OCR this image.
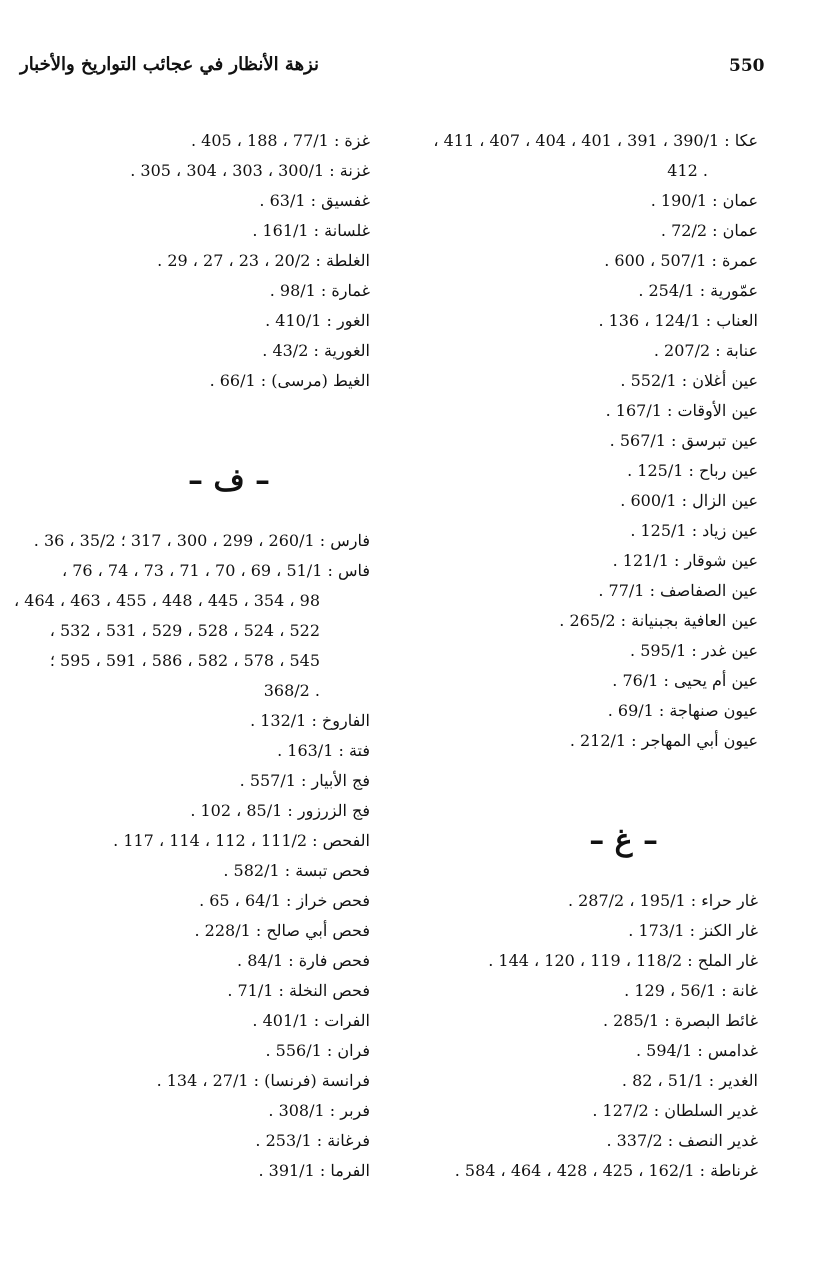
550
نزهة الأنظار في عجائب التواريخ والأخبار
عكا : 390/1 ، 391 ، 401 ، 404 ، 407 ، 411 ،
. 412
عمان : 190/1 .
عمان : 72/2 .
عمرة : 507/1 ، 600 .
عمّورية : 254/1 .
العناب : 124/1 ، 136 .
عنابة : 207/2 .
عين أغلان : 552/1 .
عين الأوقات : 167/1 .
عين تبرسق : 567/1 .
عين رباح : 125/1 .
عين الزال : 600/1 .
عين زياد : 125/1 .
عين شوقار : 121/1 .
عين الصفاصف : 77/1 .
عين العافية بجبنيانة : 265/2 .
عين غدر : 595/1 .
عين أم يحيى : 76/1 .
عيون صنهاجة : 69/1 .
عيون أبي المهاجر : 212/1 .
– غ –
غار حراء : 195/1 ، 287/2 .
غار الكنز : 173/1 .
غار الملح : 118/2 ، 119 ، 120 ، 144 .
غانة : 56/1 ، 129 .
غائط البصرة : 285/1 .
غدامس : 594/1 .
الغدير : 51/1 ، 82 .
غدير السلطان : 127/2 .
غدير النصف : 337/2 .
غرناطة : 162/1 ، 425 ، 428 ، 464 ، 584 .
غزة : 77/1 ، 188 ، 405 .
غزنة : 300/1 ، 303 ، 304 ، 305 .
غفسيق : 63/1 .
غلسانة : 161/1 .
الغلطة : 20/2 ، 23 ، 27 ، 29 .
غمارة : 98/1 .
الغور : 410/1 .
الغورية : 43/2 .
الغيط (مرسى) : 66/1 .
– ف –
فارس : 260/1 ، 299 ، 300 ، 317 ؛ 35/2 ، 36 .
فاس : 51/1 ، 69 ، 70 ، 71 ، 73 ، 74 ، 76 ،
98 ، 354 ، 445 ، 448 ، 455 ، 463 ، 464 ،
522 ، 524 ، 528 ، 529 ، 531 ، 532 ،
545 ، 578 ، 582 ، 586 ، 591 ، 595 ؛
. 368/2
الفاروخ : 132/1 .
فتة : 163/1 .
فج الأبيار : 557/1 .
فج الزرزور : 85/1 ، 102 .
الفحص : 111/2 ، 112 ، 114 ، 117 .
فحص تبسة : 582/1 .
فحص خراز : 64/1 ، 65 .
فحص أبي صالح : 228/1 .
فحص فارة : 84/1 .
فحص النخلة : 71/1 .
الفرات : 401/1 .
فران : 556/1 .
فرانسة (فرنسا) : 27/1 ، 134 .
فربر : 308/1 .
فرغانة : 253/1 .
الفرما : 391/1 .
